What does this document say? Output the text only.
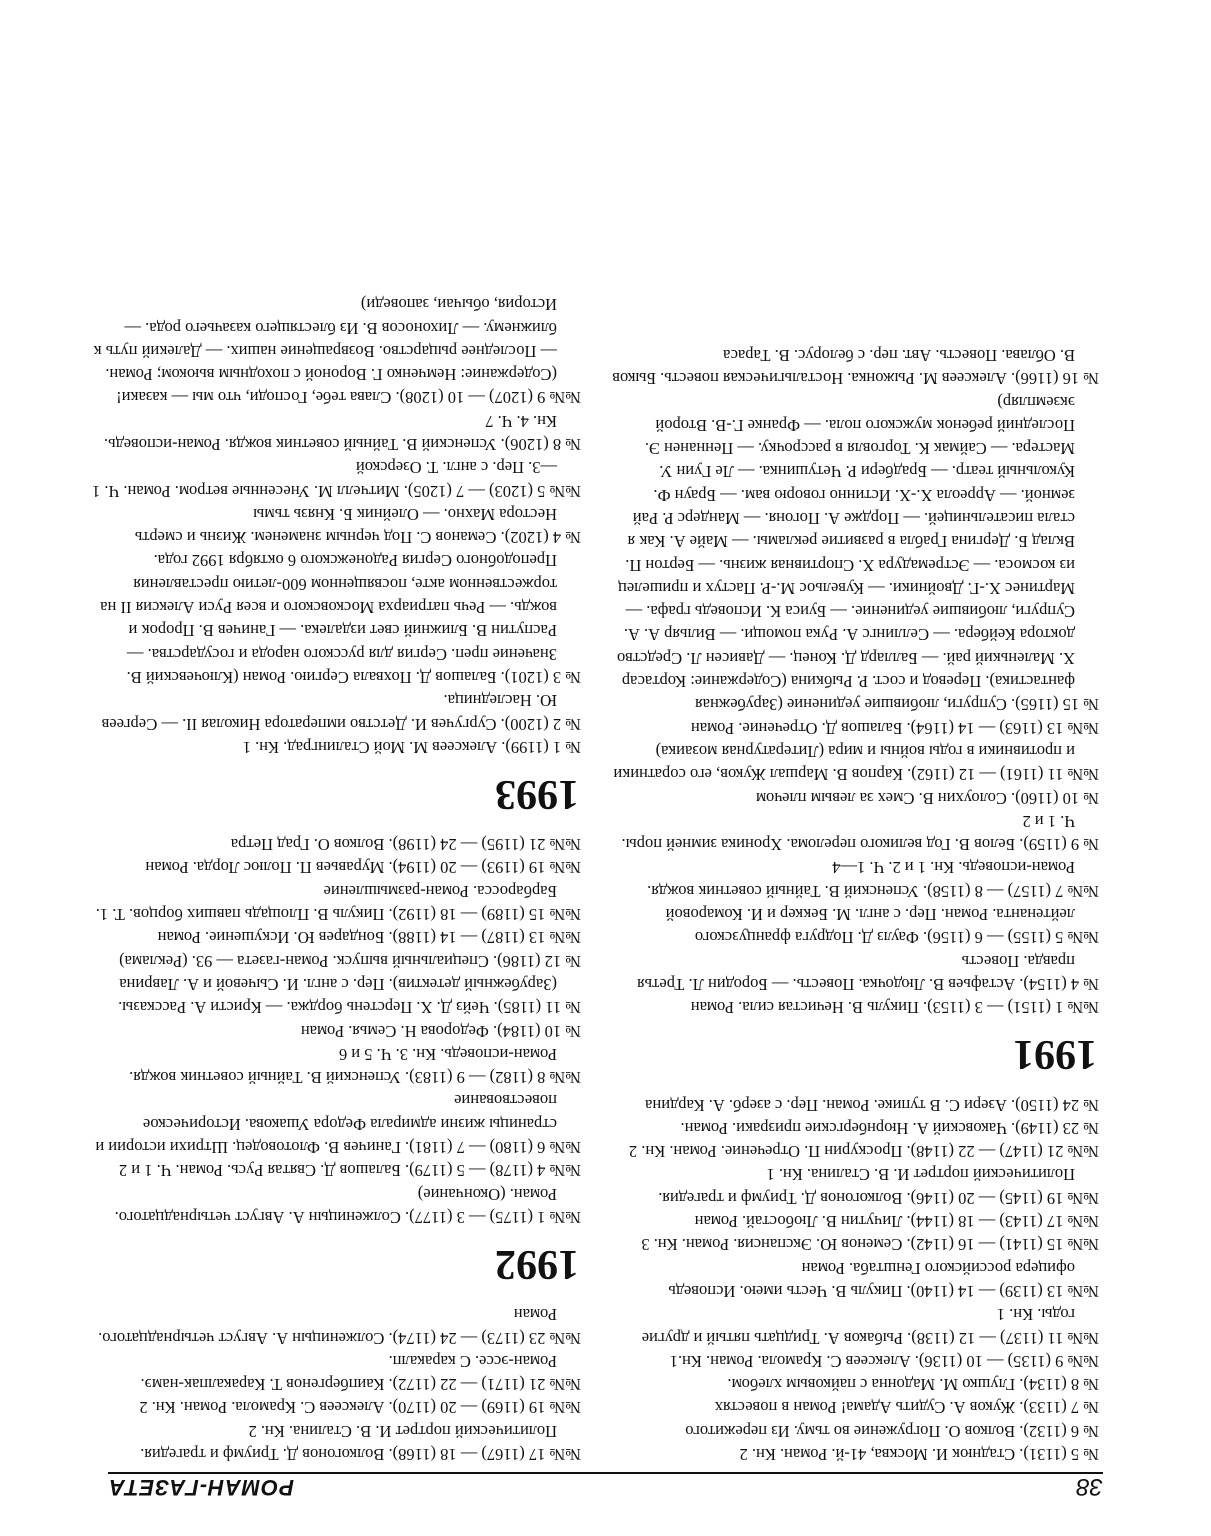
38
РОМАН-ГАЗЕТА

№ 5 (1131). Стаднюк И. Москва, 41-й. Роман. Кн. 2

№ 6 (1132). Волков О. Погружение во тьму. Из пережитого

№ 7 (1133). Жуков А. Судить Адама! Роман в повестях

№ 8 (1134). Глушко М. Мадонна с пайковым хлебом.

№№ 9 (1135) — 10 (1136). Алексеев С. Крамола. Роман. Кн.1

№№ 11 (1137) — 12 (1138). Рыбаков А. Тридцать пятый и другие годы. Кн. 1

№№ 13 (1139) — 14 (1140). Пикуль В. Честь имею. Исповедь офицера российского Генштаба. Роман

№№ 15 (1141) — 16 (1142). Семенов Ю. Экспансия. Роман. Кн. 3

№№ 17 (1143) — 18 (1144). Личутин В. Любостай. Роман

№№ 19 (1145) — 20 (1146). Волкогонов Д. Триумф и трагедия. Политический портрет И. В. Сталина. Кн. 1

№№ 21 (1147) — 22 (1148). Проскурин П. Отречение. Роман. Кн. 2

№ 23 (1149). Чаковский А. Нюрнбергские призраки. Роман.

№ 24 (1150). Азери С. В тупике. Роман. Пер. с азерб. А. Кардина

1991

№№ 1 (1151) — 3 (1153). Пикуль В. Нечистая сила. Роман

№ 4 (1154). Астафьев В. Людочка. Повесть. — Бородин Л. Третья правда. Повесть

№№ 5 (1155) — 6 (1156). Фаулз Д. Подруга французского лейтенанта. Роман. Пер. с англ. М. Беккер и И. Комаровой

№№ 7 (1157) — 8 (1158). Успенский В. Тайный советник вождя. Роман-исповедь. Кн. 1 и 2. Ч. 1—4

№ 9 (1159). Белов В. Год великого перелома. Хроника зимней поры. Ч. 1 и 2

№ 10 (1160). Солоухин В. Смех за левым плечом

№№ 11 (1161) — 12 (1162). Карпов В. Маршал Жуков, его соратники и противники в годы войны и мира (Литературная мозаика)

№№ 13 (1163) — 14 (1164). Балашов Д. Отречение. Роман

№ 15 (1165). Супруги, любившие уединение (Зарубежная фантастика). Перевод и сост. Р. Рыбкина (Содержание: Кортасар Х. Маленький рай. — Баллард Д. Конец. — Дависен Л. Средство доктора Кейбера. — Селлингс А. Рука помощи. — Вильяр А. А. Супруги, любившие уединение. — Буиса К. Исповедь графа. — Мартинес Х.-Г. Двойники. — Кувельос М.-Р. Пастух и пришелец из космоса. — Эстремадура Х. Спортивная жизнь. — Бертон П. Вклад Б. Дергина Грабла в развитие рекламы. — Майе А. Как я стала писательницей. — Пордже А. Погоня. — Мандерс Р. Рай земной. — Арреола Х.-Х. Истинно говорю вам. — Браун Ф. Кукольный театр. — Брадбери Р. Четушинка. — Ле Гуин У. Мастера. — Саймак К. Торговля в рассрочку. — Пеннанен Э. Последний ребенок мужского пола. — Франке Г.-В. Второй экземпляр)

№ 16 (1166). Алексеев М. Рыжонка. Ностальгическая повесть. Быков В. Облава. Повесть. Авт. пер. с белорус. В. Тараса

№№ 17 (1167) — 18 (1168). Волкогонов Д. Триумф и трагедия. Политический портрет И. В. Сталина. Кн. 2

№№ 19 (1169) — 20 (1170). Алексеев С. Крамола. Роман. Кн. 2

№№ 21 (1171) — 22 (1172). Каипбергенов Т. Каракалпак-намэ. Роман-эссе. С каракалп.

№№ 23 (1173) — 24 (1174). Солженицын А. Август четырнадцатого. Роман

1992

№№ 1 (1175) — 3 (1177). Солженицын А. Август четырнадцатого. Роман. (Окончание)

№№ 4 (1178) — 5 (1179). Балашов Д. Святая Русь. Роман. Ч. 1 и 2

№№ 6 (1180) — 7 (1181). Ганичев В. Флотоводец. Штрихи истории и страницы жизни адмирала Федора Ушакова. Историческое повествование

№№ 8 (1182) — 9 (1183). Успенский В. Тайный советник вождя. Роман-исповедь. Кн. 3. Ч. 5 и 6

№ 10 (1184). Федорова Н. Семья. Роман

№ 11 (1185). Чейз Д. Х. Перстень борджа. — Кристи А. Рассказы. (Зарубежный детектив). Пер. с англ. И. Сычевой и А. Лаврина

№ 12 (1186). Специальный выпуск. Роман-газета — 93. (Реклама)

№№ 13 (1187) — 14 (1188). Бондарев Ю. Искушение. Роман

№№ 15 (1189) — 18 (1192). Пикуль В. Площадь павших борцов. Т. 1. Барбаросса. Роман-размышление

№№ 19 (1193) — 20 (1194). Муравьев П. Полюс Лорда. Роман

№№ 21 (1195) — 24 (1198). Волков О. Град Петра

1993

№ 1 (1199). Алексеев М. Мой Сталинград. Кн. 1

№ 2 (1200). Сургучев И. Детство императора Николая II. — Сергеев Ю. Наследница.

№ 3 (1201). Балашов Д. Похвала Сергию. Роман (Ключевский В. Значение преп. Сергия для русского народа и государства. — Распутин В. Ближний свет издалека. — Ганичев В. Пророк и вождь. — Речь патриарха Московского и всея Руси Алексия II на торжественном акте, посвященном 600-летию преставления Преподобного Сергия Радонежского 6 октября 1992 года.

№ 4 (1202). Семанов С. Под черным знаменем. Жизнь и смерть Нестора Махно. — Олейник Б. Князь тьмы

№№ 5 (1203) — 7 (1205). Митчелл М. Унесенные ветром. Роман. Ч. 1—3. Пер. с англ. Т. Озерской

№ 8 (1206). Успенский В. Тайный советник вождя. Роман-исповедь. Кн. 4. Ч. 7

№№ 9 (1207) — 10 (1208). Слава тебе, Господи, что мы — казаки! (Содержание: Немченко Г. Вороной с походным вьюком; Роман. — Последнее рыцарство. Возвращение наших. — Далекий путь к ближнему. — Лихоносов В. Из блестящего казачьего рода. — История, обычаи, заповеди)
